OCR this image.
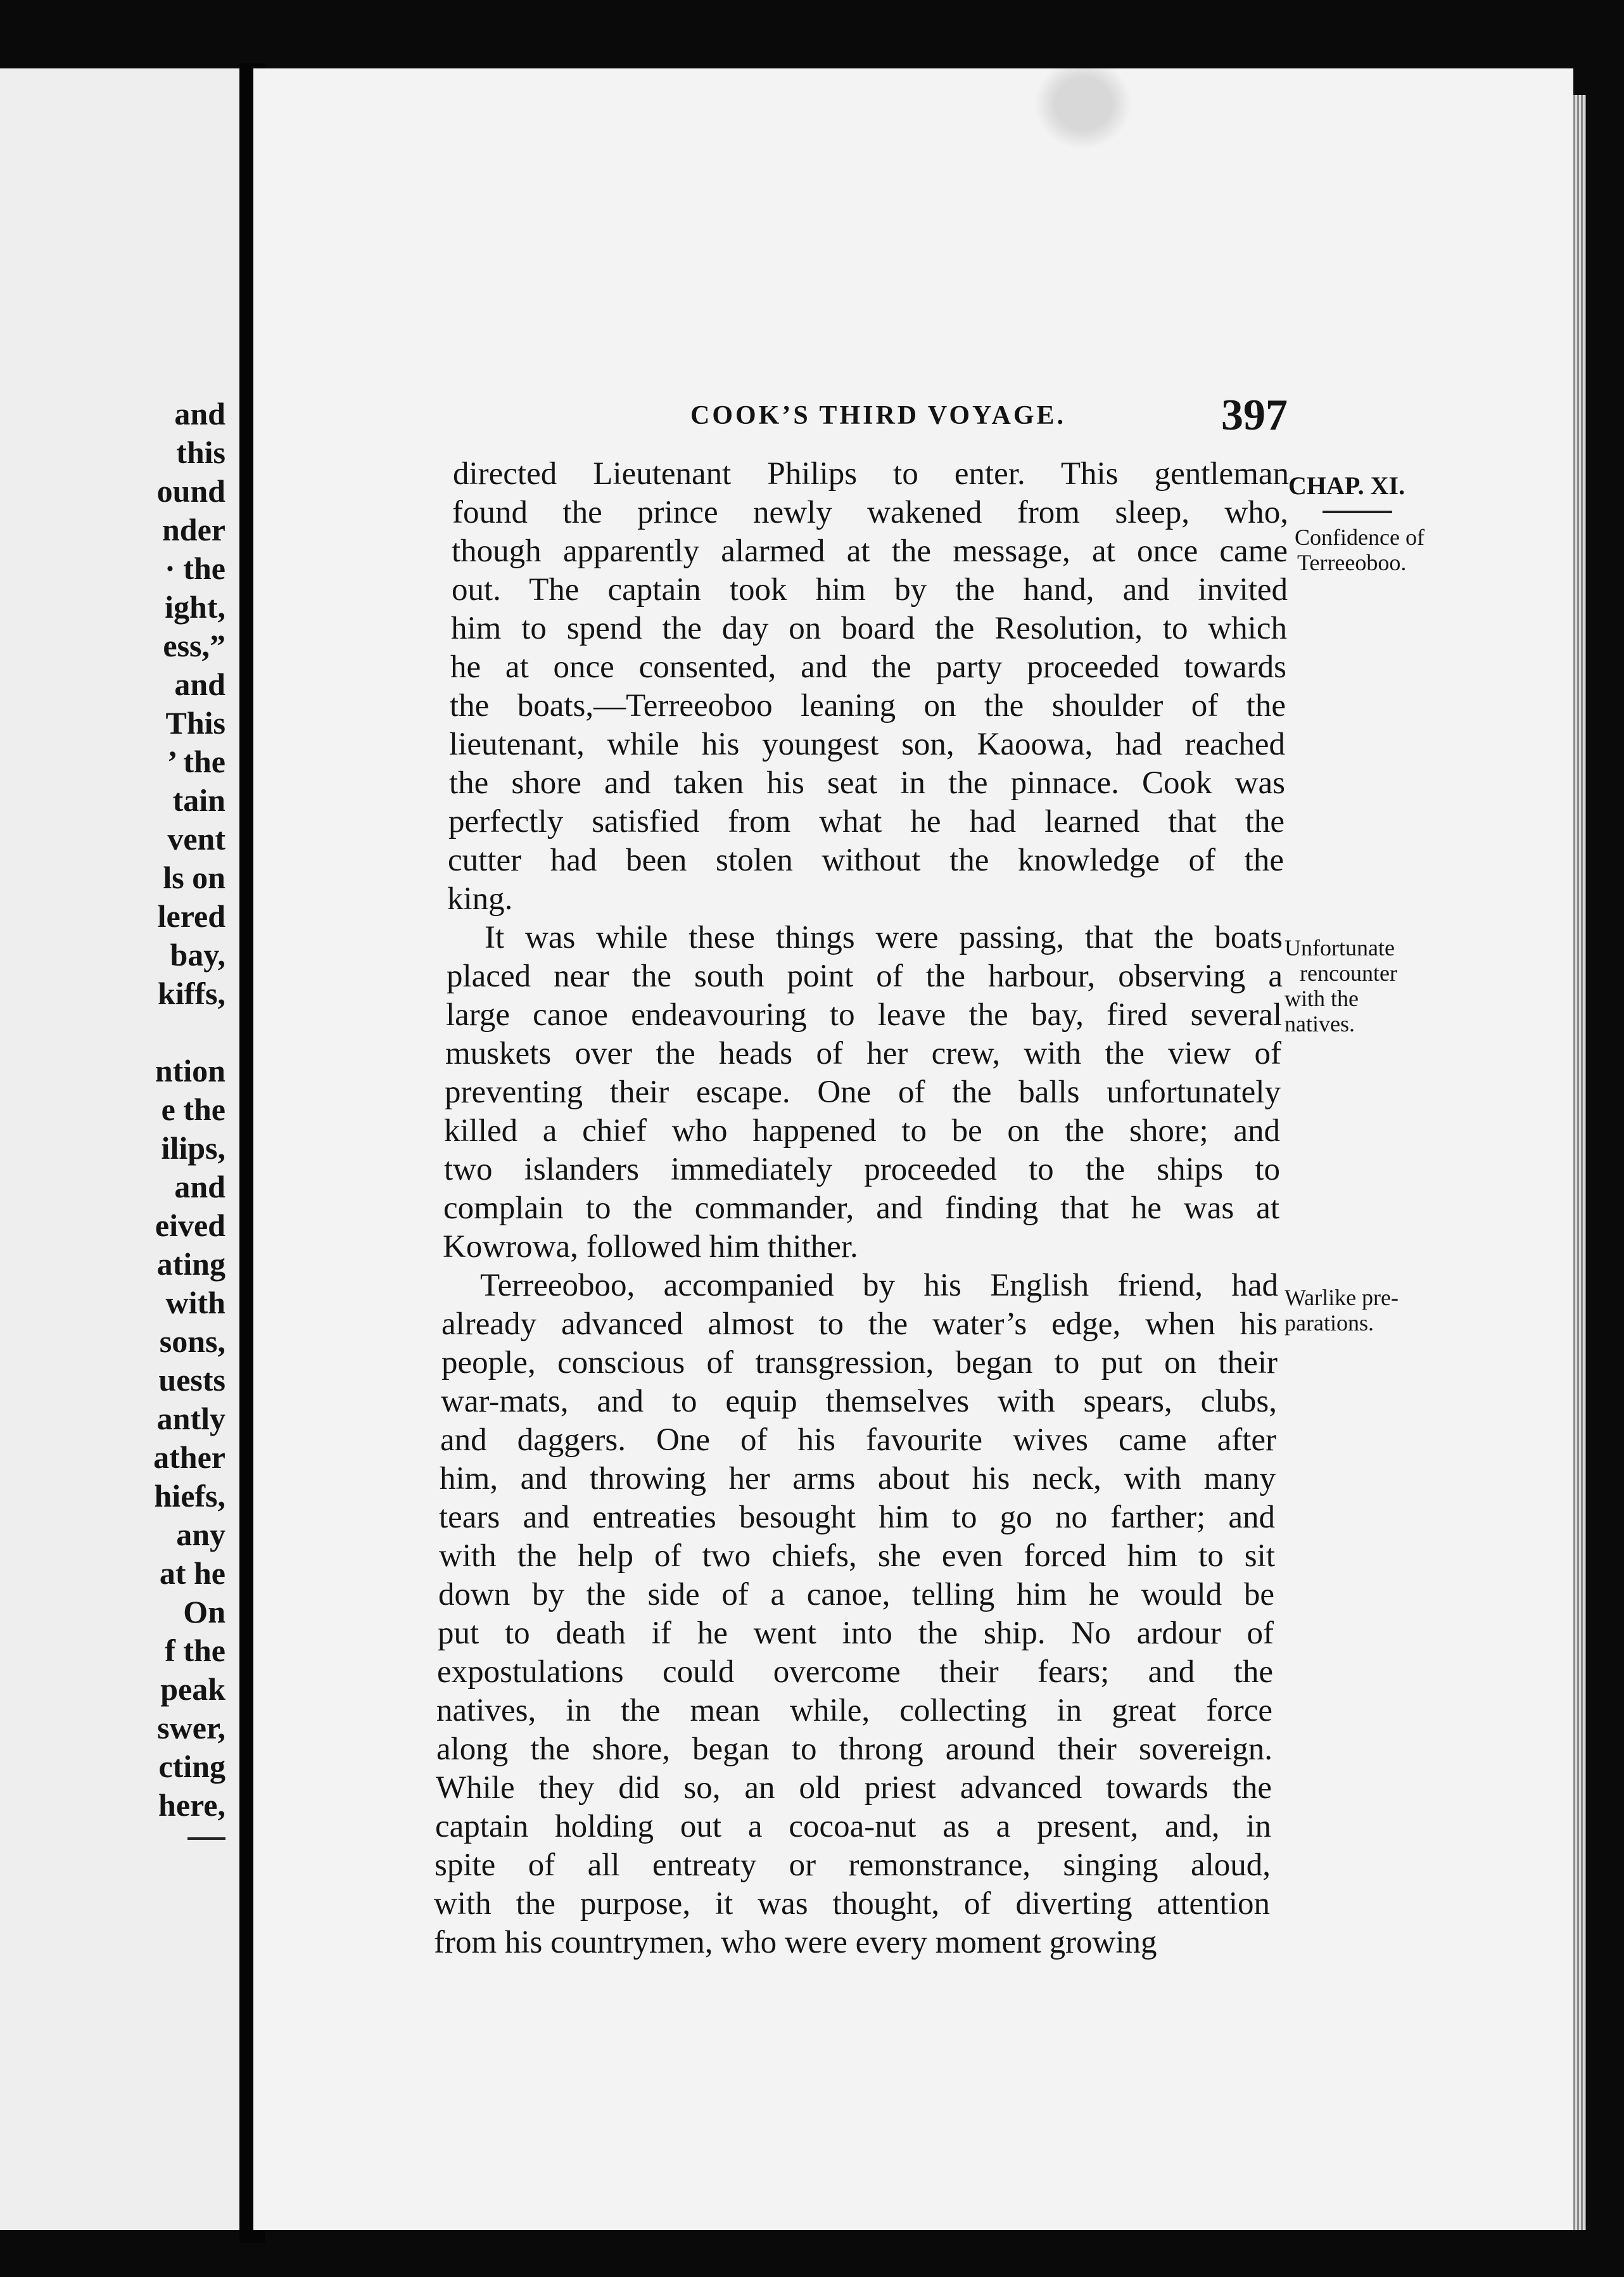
and

this

ound

nder

· the

ight,

ess,”

and

This

’ the

tain

vent

ls on

lered

bay,

kiffs,

ntion

e the

ilips,

and

eived

ating

with

sons,

uests

antly

ather

hiefs,

any

at he

On

f the

peak

swer,

cting

here,

COOK’S THIRD VOYAGE.	397

directed Lieutenant Philips to enter. This gentleman

found the prince newly wakened from sleep, who,

though apparently alarmed at the message, at once came

out. The captain took him by the hand, and invited

him to spend the day on board the Resolution, to which

he at once consented, and the party proceeded towards

the boats,—Terreeoboo leaning on the shoulder of the

lieutenant, while his youngest son, Kaoowa, had reached

the shore and taken his seat in the pinnace. Cook was

perfectly satisfied from what he had learned that the

cutter had been stolen without the knowledge of the

king.

It was while these things were passing, that the boats

placed near the south point of the harbour, observing a

large canoe endeavouring to leave the bay, fired several

muskets over the heads of her crew, with the view of

preventing their escape. One of the balls unfortunately

killed a chief who happened to be on the shore; and

two islanders immediately proceeded to the ships to

complain to the commander, and finding that he was at

Kowrowa, followed him thither.

Terreeoboo, accompanied by his English friend, had

already advanced almost to the water’s edge, when his

people, conscious of transgression, began to put on their

war-mats, and to equip themselves with spears, clubs,

and daggers. One of his favourite wives came after

him, and throwing her arms about his neck, with many

tears and entreaties besought him to go no farther; and

with the help of two chiefs, she even forced him to sit

down by the side of a canoe, telling him he would be

put to death if he went into the ship. No ardour of

expostulations could overcome their fears; and the

natives, in the mean while, collecting in great force

along the shore, began to throng around their sovereign.

While they did so, an old priest advanced towards the

captain holding out a cocoa-nut as a present, and, in

spite of all entreaty or remonstrance, singing aloud,

with the purpose, it was thought, of diverting attention

from his countrymen, who were every moment growing

CHAP. XI.

Confidence of
Terreeoboo.

Unfortunate
rencounter
with the
natives.

Warlike pre-
parations.
